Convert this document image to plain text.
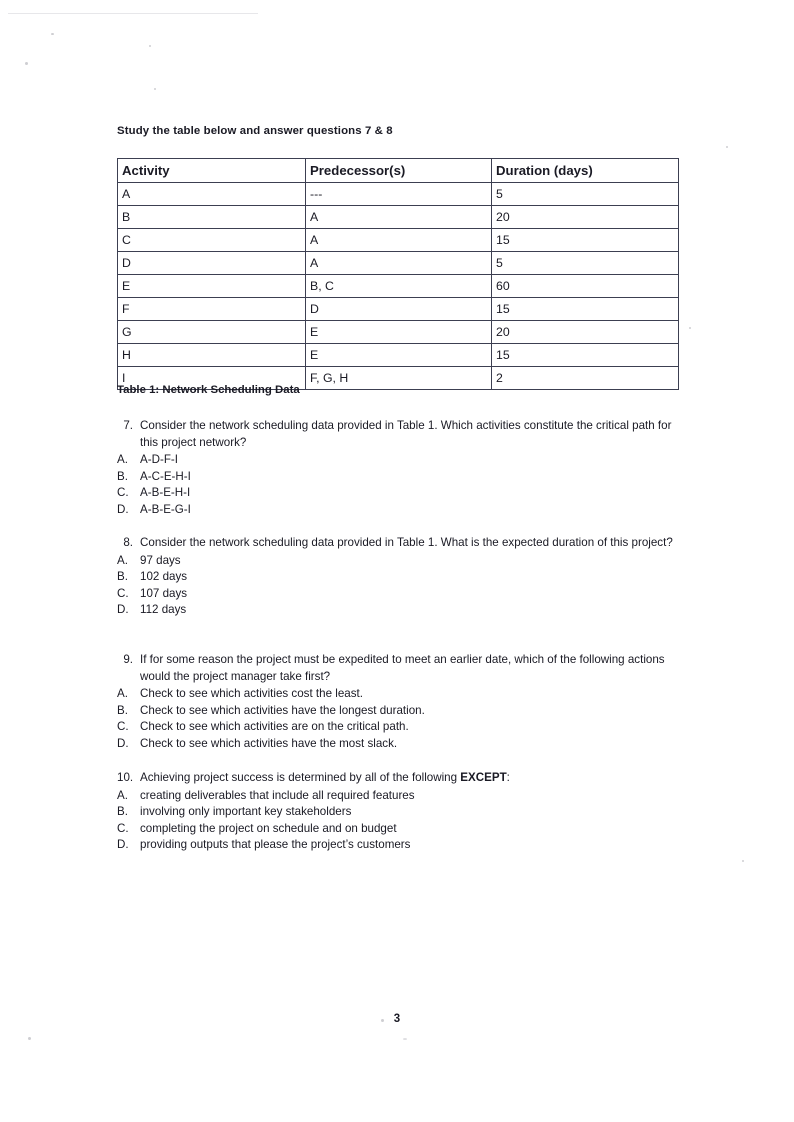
Study the table below and answer questions 7 & 8
Activity	Predecessor(s)	Duration (days)
A	---	5
B	A	20
C	A	15
D	A	5
E	B, C	60
F	D	15
G	E	20
H	E	15
I	F, G, H	2
Table 1: Network Scheduling Data
7. Consider the network scheduling data provided in Table 1. Which activities constitute the critical path for this project network?
A.	A-D-F-I
B.	A-C-E-H-I
C. A-B-E-H-I
D. A-B-E-G-I
8. Consider the network scheduling data provided in Table 1. What is the expected duration of this project?
A.	97 days
B.	102 days
C. 107 days
D. 112 days
9. If for some reason the project must be expedited to meet an earlier date, which of the following actions would the project manager take first?
A.	Check to see which activities cost the least.
B.	Check to see which activities have the longest duration.
C. Check to see which activities are on the critical path.
D. Check to see which activities have the most slack.
10. Achieving project success is determined by all of the following EXCEPT:
A.	creating deliverables that include all required features
B.	involving only important key stakeholders
C. completing the project on schedule and on budget
D. providing outputs that please the project’s customers
3
